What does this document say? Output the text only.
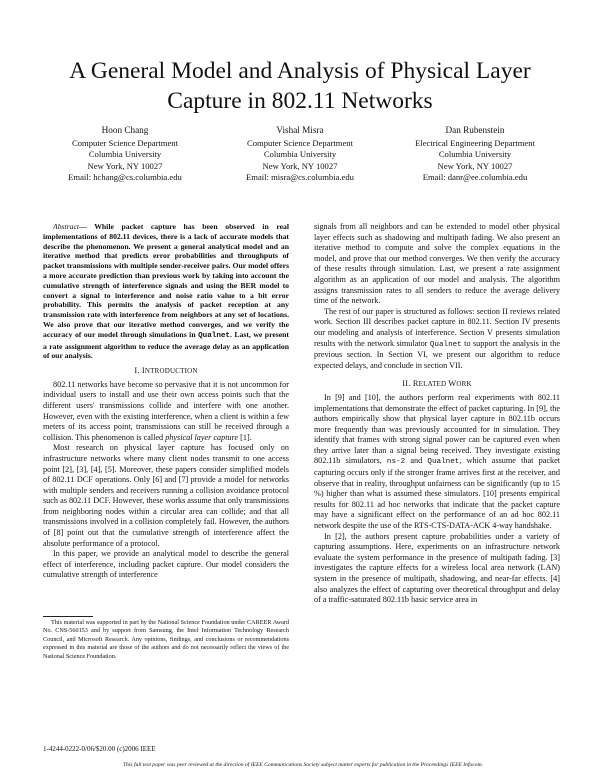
A General Model and Analysis of Physical Layer Capture in 802.11 Networks
Hoon Chang
Computer Science Department
Columbia University
New York, NY 10027
Email: hchang@cs.columbia.edu
Vishal Misra
Computer Science Department
Columbia University
New York, NY 10027
Email: misra@cs.columbia.edu
Dan Rubenstein
Electrical Engineering Department
Columbia University
New York, NY 10027
Email: danr@ee.columbia.edu

Abstract— While packet capture has been observed in real implementations of 802.11 devices, there is a lack of accurate models that describe the phenomenon. We present a general analytical model and an iterative method that predicts error probabilities and throughputs of packet transmissions with multiple sender-receiver pairs. Our model offers a more accurate prediction than previous work by taking into account the cumulative strength of interference signals and using the BER model to convert a signal to interference and noise ratio value to a bit error probability. This permits the analysis of packet reception at any transmission rate with interference from neighbors at any set of locations. We also prove that our iterative method converges, and we verify the accuracy of our model through simulations in Qualnet. Last, we present a rate assignment algorithm to reduce the average delay as an application of our analysis.

I. INTRODUCTION

802.11 networks have become so pervasive that it is not uncommon for individual users to install and use their own access points such that the different users' transmissions collide and interfere with one another. However, even with the existing interference, when a client is within a few meters of its access point, transmissions can still be received through a collision. This phenomenon is called physical layer capture [1].

Most research on physical layer capture has focused only on infrastructure networks where many client nodes transmit to one access point [2], [3], [4], [5]. Moreover, these papers consider simplified models of 802.11 DCF operations. Only [6] and [7] provide a model for networks with multiple senders and receivers running a collision avoidance protocol such as 802.11 DCF. However, these works assume that only transmissions from neighboring nodes within a circular area can collide; and that all transmissions involved in a collision completely fail. However, the authors of [8] point out that the cumulative strength of interference affect the absolute performance of a protocol.

In this paper, we provide an analytical model to describe the general effect of interference, including packet capture. Our model considers the cumulative strength of interference

This material was supported in part by the National Science Foundation under CAREER Award No. CNS-560153 and by support from Samsung, the Intel Information Technology Research Council, and Microsoft Research. Any opinions, findings, and conclusions or recommendations expressed in this material are those of the authors and do not necessarily reflect the views of the National Science Foundation.

signals from all neighbors and can be extended to model other physical layer effects such as shadowing and multipath fading. We also present an iterative method to compute and solve the complex equations in the model, and prove that our method converges. We then verify the accuracy of these results through simulation. Last, we present a rate assignment algorithm as an application of our model and analysis. The algorithm assigns transmission rates to all senders to reduce the average delivery time of the network.

The rest of our paper is structured as follows: section II reviews related work. Section III describes packet capture in 802.11. Section IV presents our modeling and analysis of interference. Section V presents simulation results with the network simulator Qualnet to support the analysis in the previous section. In Section VI, we present our algorithm to reduce expected delays, and conclude in section VII.

II. RELATED WORK

In [9] and [10], the authors perform real experiments with 802.11 implementations that demonstrate the effect of packet capturing. In [9], the authors empirically show that physical layer capture in 802.11b occurs more frequently than was previously accounted for in simulation. They identify that frames with strong signal power can be captured even when they arrive later than a signal being received. They investigate existing 802.11b simulators, ns-2 and Qualnet, which assume that packet capturing occurs only if the stronger frame arrives first at the receiver, and observe that in reality, throughput unfairness can be significantly (up to 15 %) higher than what is assumed these simulators. [10] presents empirical results for 802.11 ad hoc networks that indicate that the packet capture may have a significant effect on the performance of an ad hoc 802.11 network despite the use of the RTS-CTS-DATA-ACK 4-way handshake.

In [2], the authors present capture probabilities under a variety of capturing assumptions. Here, experiments on an infrastructure network evaluate the system performance in the presence of multipath fading. [3] investigates the capture effects for a wireless local area network (LAN) system in the presence of multipath, shadowing, and near-far effects. [4] also analyzes the effect of capturing over theoretical throughput and delay of a traffic-saturated 802.11b basic service area in

1-4244-0222-0/06/$20.00 (c)2006 IEEE
This full text paper was peer reviewed at the direction of IEEE Communications Society subject matter experts for publication in the Proceedings IEEE Infocom.
